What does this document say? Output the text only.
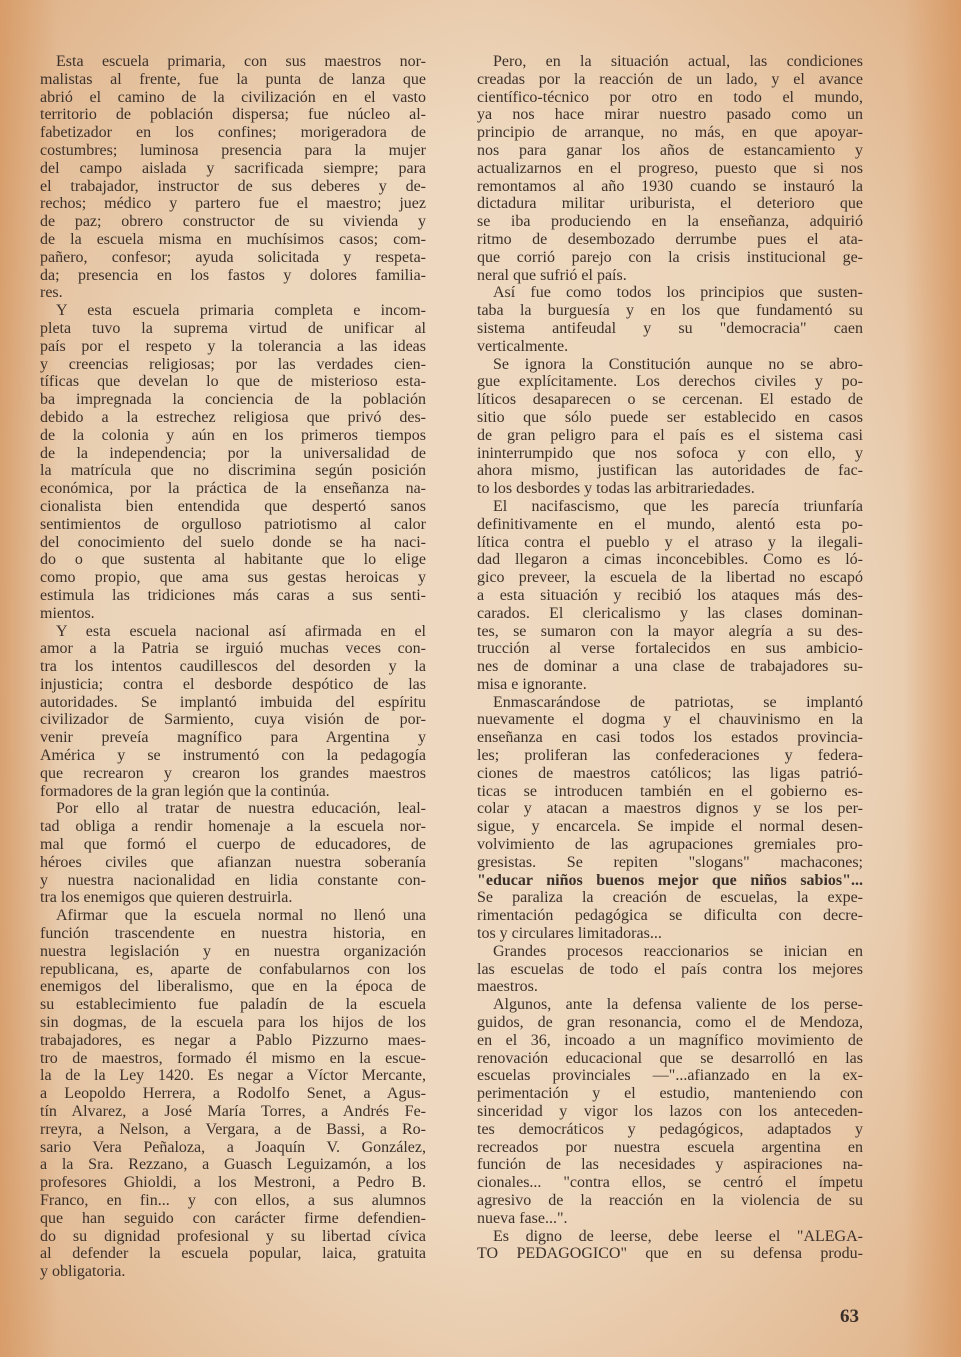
Esta escuela primaria, con sus maestros nor-
malistas al frente, fue la punta de lanza que
abrió el camino de la civilización en el vasto
territorio de población dispersa; fue núcleo al-
fabetizador en los confines; morigeradora de
costumbres; luminosa presencia para la mujer
del campo aislada y sacrificada siempre; para
el trabajador, instructor de sus deberes y de-
rechos; médico y partero fue el maestro; juez
de paz; obrero constructor de su vivienda y
de la escuela misma en muchísimos casos; com-
pañero, confesor; ayuda solicitada y respeta-
da; presencia en los fastos y dolores familia-
res.
Y esta escuela primaria completa e incom-
pleta tuvo la suprema virtud de unificar al
país por el respeto y la tolerancia a las ideas
y creencias religiosas; por las verdades cien-
tíficas que develan lo que de misterioso esta-
ba impregnada la conciencia de la población
debido a la estrechez religiosa que privó des-
de la colonia y aún en los primeros tiempos
de la independencia; por la universalidad de
la matrícula que no discrimina según posición
económica, por la práctica de la enseñanza na-
cionalista bien entendida que despertó sanos
sentimientos de orgulloso patriotismo al calor
del conocimiento del suelo donde se ha naci-
do o que sustenta al habitante que lo elige
como propio, que ama sus gestas heroicas y
estimula las tridiciones más caras a sus senti-
mientos.
Y esta escuela nacional así afirmada en el
amor a la Patria se irguió muchas veces con-
tra los intentos caudillescos del desorden y la
injusticia; contra el desborde despótico de las
autoridades. Se implantó imbuida del espíritu
civilizador de Sarmiento, cuya visión de por-
venir preveía magnífico para Argentina y
América y se instrumentó con la pedagogía
que recrearon y crearon los grandes maestros
formadores de la gran legión que la continúa.
Por ello al tratar de nuestra educación, leal-
tad obliga a rendir homenaje a la escuela nor-
mal que formó el cuerpo de educadores, de
héroes civiles que afianzan nuestra soberanía
y nuestra nacionalidad en lidia constante con-
tra los enemigos que quieren destruirla.
Afirmar que la escuela normal no llenó una
función trascendente en nuestra historia, en
nuestra legislación y en nuestra organización
republicana, es, aparte de confabularnos con los
enemigos del liberalismo, que en la época de
su establecimiento fue paladín de la escuela
sin dogmas, de la escuela para los hijos de los
trabajadores, es negar a Pablo Pizzurno maes-
tro de maestros, formado él mismo en la escue-
la de la Ley 1420. Es negar a Víctor Mercante,
a Leopoldo Herrera, a Rodolfo Senet, a Agus-
tín Alvarez, a José María Torres, a Andrés Fe-
rreyra, a Nelson, a Vergara, a de Bassi, a Ro-
sario Vera Peñaloza, a Joaquín V. González,
a la Sra. Rezzano, a Guasch Leguizamón, a los
profesores Ghioldi, a los Mestroni, a Pedro B.
Franco, en fin... y con ellos, a sus alumnos
que han seguido con carácter firme defendien-
do su dignidad profesional y su libertad cívica
al defender la escuela popular, laica, gratuita
y obligatoria.
Pero, en la situación actual, las condiciones
creadas por la reacción de un lado, y el avance
científico-técnico por otro en todo el mundo,
ya nos hace mirar nuestro pasado como un
principio de arranque, no más, en que apoyar-
nos para ganar los años de estancamiento y
actualizarnos en el progreso, puesto que si nos
remontamos al año 1930 cuando se instauró la
dictadura militar uriburista, el deterioro que
se iba produciendo en la enseñanza, adquirió
ritmo de desembozado derrumbe pues el ata-
que corrió parejo con la crisis institucional ge-
neral que sufrió el país.
Así fue como todos los principios que susten-
taba la burguesía y en los que fundamentó su
sistema antifeudal y su "democracia" caen
verticalmente.
Se ignora la Constitución aunque no se abro-
gue explícitamente. Los derechos civiles y po-
líticos desaparecen o se cercenan. El estado de
sitio que sólo puede ser establecido en casos
de gran peligro para el país es el sistema casi
ininterrumpido que nos sofoca y con ello, y
ahora mismo, justifican las autoridades de fac-
to los desbordes y todas las arbitrariedades.
El nacifascismo, que les parecía triunfaría
definitivamente en el mundo, alentó esta po-
lítica contra el pueblo y el atraso y la ilegali-
dad llegaron a cimas inconcebibles. Como es ló-
gico preveer, la escuela de la libertad no escapó
a esta situación y recibió los ataques más des-
carados. El clericalismo y las clases dominan-
tes, se sumaron con la mayor alegría a su des-
trucción al verse fortalecidos en sus ambicio-
nes de dominar a una clase de trabajadores su-
misa e ignorante.
Enmascarándose de patriotas, se implantó
nuevamente el dogma y el chauvinismo en la
enseñanza en casi todos los estados provincia-
les; proliferan las confederaciones y federa-
ciones de maestros católicos; las ligas patrió-
ticas se introducen también en el gobierno es-
colar y atacan a maestros dignos y se los per-
sigue, y encarcela. Se impide el normal desen-
volvimiento de las agrupaciones gremiales pro-
gresistas. Se repiten "slogans" machacones;
"educar niños buenos mejor que niños sabios"...
Se paraliza la creación de escuelas, la expe-
rimentación pedagógica se dificulta con decre-
tos y circulares limitadoras...
Grandes procesos reaccionarios se inician en
las escuelas de todo el país contra los mejores
maestros.
Algunos, ante la defensa valiente de los perse-
guidos, de gran resonancia, como el de Mendoza,
en el 36, incoado a un magnífico movimiento de
renovación educacional que se desarrolló en las
escuelas provinciales —"...afianzado en la ex-
perimentación y el estudio, manteniendo con
sinceridad y vigor los lazos con los anteceden-
tes democráticos y pedagógicos, adaptados y
recreados por nuestra escuela argentina en
función de las necesidades y aspiraciones na-
cionales... "contra ellos, se centró el ímpetu
agresivo de la reacción en la violencia de su
nueva fase...".
Es digno de leerse, debe leerse el "ALEGA-
TO PEDAGOGICO" que en su defensa produ-
63
